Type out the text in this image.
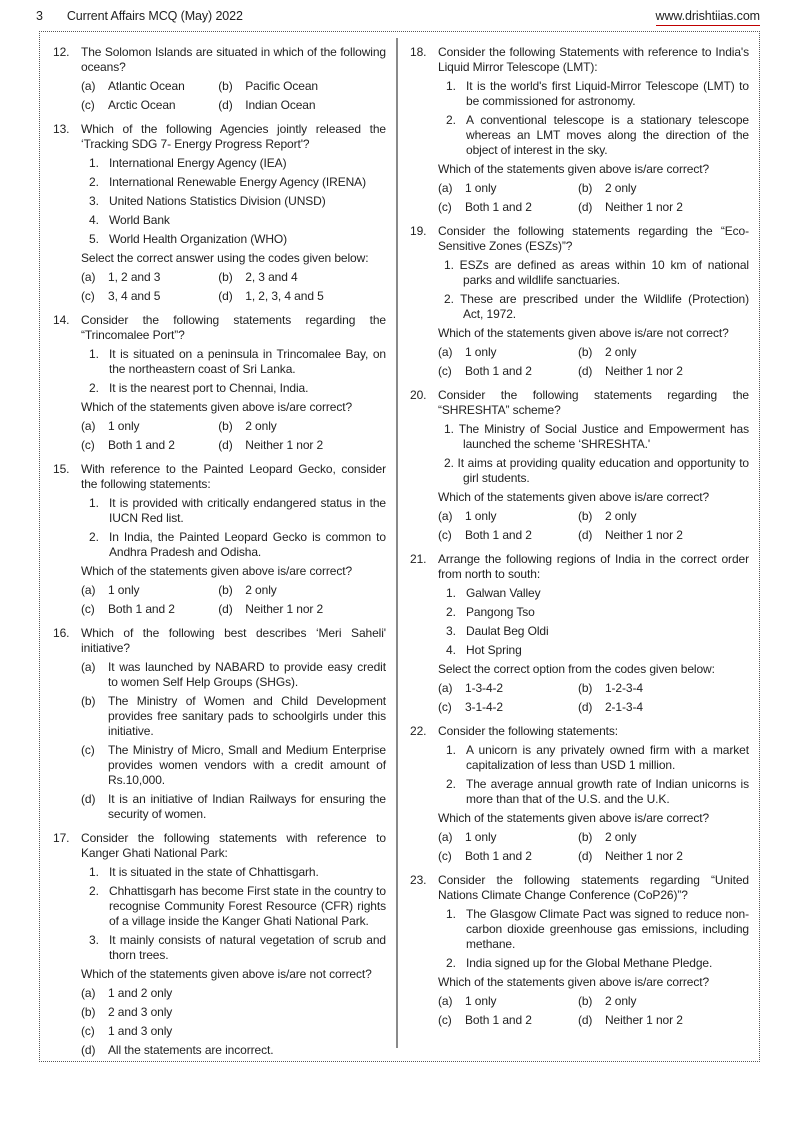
3 Current Affairs MCQ (May) 2022	www.drishtiias.com
12. The Solomon Islands are situated in which of the following oceans?
(a)	Atlantic Ocean	(b)	Pacific Ocean
(c)	Arctic Ocean	(d)	Indian Ocean
13. Which of the following Agencies jointly released the ‘Tracking SDG 7- Energy Progress Report'?
1. International Energy Agency (IEA)
2. International Renewable Energy Agency (IRENA)
3. United Nations Statistics Division (UNSD)
4. World Bank
5. World Health Organization (WHO)
Select the correct answer using the codes given below:
(a)	1, 2 and 3	(b)	2, 3 and 4
(c)	3, 4 and 5	(d)	1, 2, 3, 4 and 5
14. Consider the following statements regarding the “Trincomalee Port”?
1. It is situated on a peninsula in Trincomalee Bay, on the northeastern coast of Sri Lanka.
2. It is the nearest port to Chennai, India.
Which of the statements given above is/are correct?
(a)	1 only	(b)	2 only
(c)	Both 1 and 2	(d)	Neither 1 nor 2
15. With reference to the Painted Leopard Gecko, consider the following statements:
1. It is provided with critically endangered status in the IUCN Red list.
2. In India, the Painted Leopard Gecko is common to Andhra Pradesh and Odisha.
Which of the statements given above is/are correct?
(a)	1 only	(b)	2 only
(c)	Both 1 and 2	(d)	Neither 1 nor 2
16. Which of the following best describes ‘Meri Saheli' initiative?
(a)	It was launched by NABARD to provide easy credit to women Self Help Groups (SHGs).
(b)	The Ministry of Women and Child Development provides free sanitary pads to schoolgirls under this initiative.
(c)	The Ministry of Micro, Small and Medium Enterprise provides women vendors with a credit amount of Rs.10,000.
(d)	It is an initiative of Indian Railways for ensuring the security of women.
17. Consider the following statements with reference to Kanger Ghati National Park:
1. It is situated in the state of Chhattisgarh.
2. Chhattisgarh has become First state in the country to recognise Community Forest Resource (CFR) rights of a village inside the Kanger Ghati National Park.
3. It mainly consists of natural vegetation of scrub and thorn trees.
Which of the statements given above is/are not correct?
(a)	1 and 2 only
(b)	2 and 3 only
(c)	1 and 3 only
(d)	All the statements are incorrect.
18. Consider the following Statements with reference to India's Liquid Mirror Telescope (LMT):
1. It is the world's first Liquid-Mirror Telescope (LMT) to be commissioned for astronomy.
2. A conventional telescope is a stationary telescope whereas an LMT moves along the direction of the object of interest in the sky.
Which of the statements given above is/are correct?
(a)	1 only	(b)	2 only
(c)	Both 1 and 2	(d)	Neither 1 nor 2
19. Consider the following statements regarding the “Eco-Sensitive Zones (ESZs)”?
1. ESZs are defined as areas within 10 km of national parks and wildlife sanctuaries.
2. These are prescribed under the Wildlife (Protection) Act, 1972.
Which of the statements given above is/are not correct?
(a)	1 only	(b)	2 only
(c)	Both 1 and 2	(d)	Neither 1 nor 2
20. Consider the following statements regarding the “SHRESHTA” scheme?
1. The Ministry of Social Justice and Empowerment has launched the scheme ‘SHRESHTA.'
2. It aims at providing quality education and opportunity to girl students.
Which of the statements given above is/are correct?
(a)	1 only	(b)	2 only
(c)	Both 1 and 2	(d)	Neither 1 nor 2
21. Arrange the following regions of India in the correct order from north to south:
1. Galwan Valley
2. Pangong Tso
3. Daulat Beg Oldi
4. Hot Spring
Select the correct option from the codes given below:
(a)	1-3-4-2	(b)	1-2-3-4
(c)	3-1-4-2	(d)	2-1-3-4
22. Consider the following statements:
1. A unicorn is any privately owned firm with a market capitalization of less than USD 1 million.
2. The average annual growth rate of Indian unicorns is more than that of the U.S. and the U.K.
Which of the statements given above is/are correct?
(a)	1 only	(b)	2 only
(c)	Both 1 and 2	(d)	Neither 1 nor 2
23. Consider the following statements regarding “United Nations Climate Change Conference (CoP26)”?
1. The Glasgow Climate Pact was signed to reduce non-carbon dioxide greenhouse gas emissions, including methane.
2. India signed up for the Global Methane Pledge.
Which of the statements given above is/are correct?
(a)	1 only	(b)	2 only
(c)	Both 1 and 2	(d)	Neither 1 nor 2
